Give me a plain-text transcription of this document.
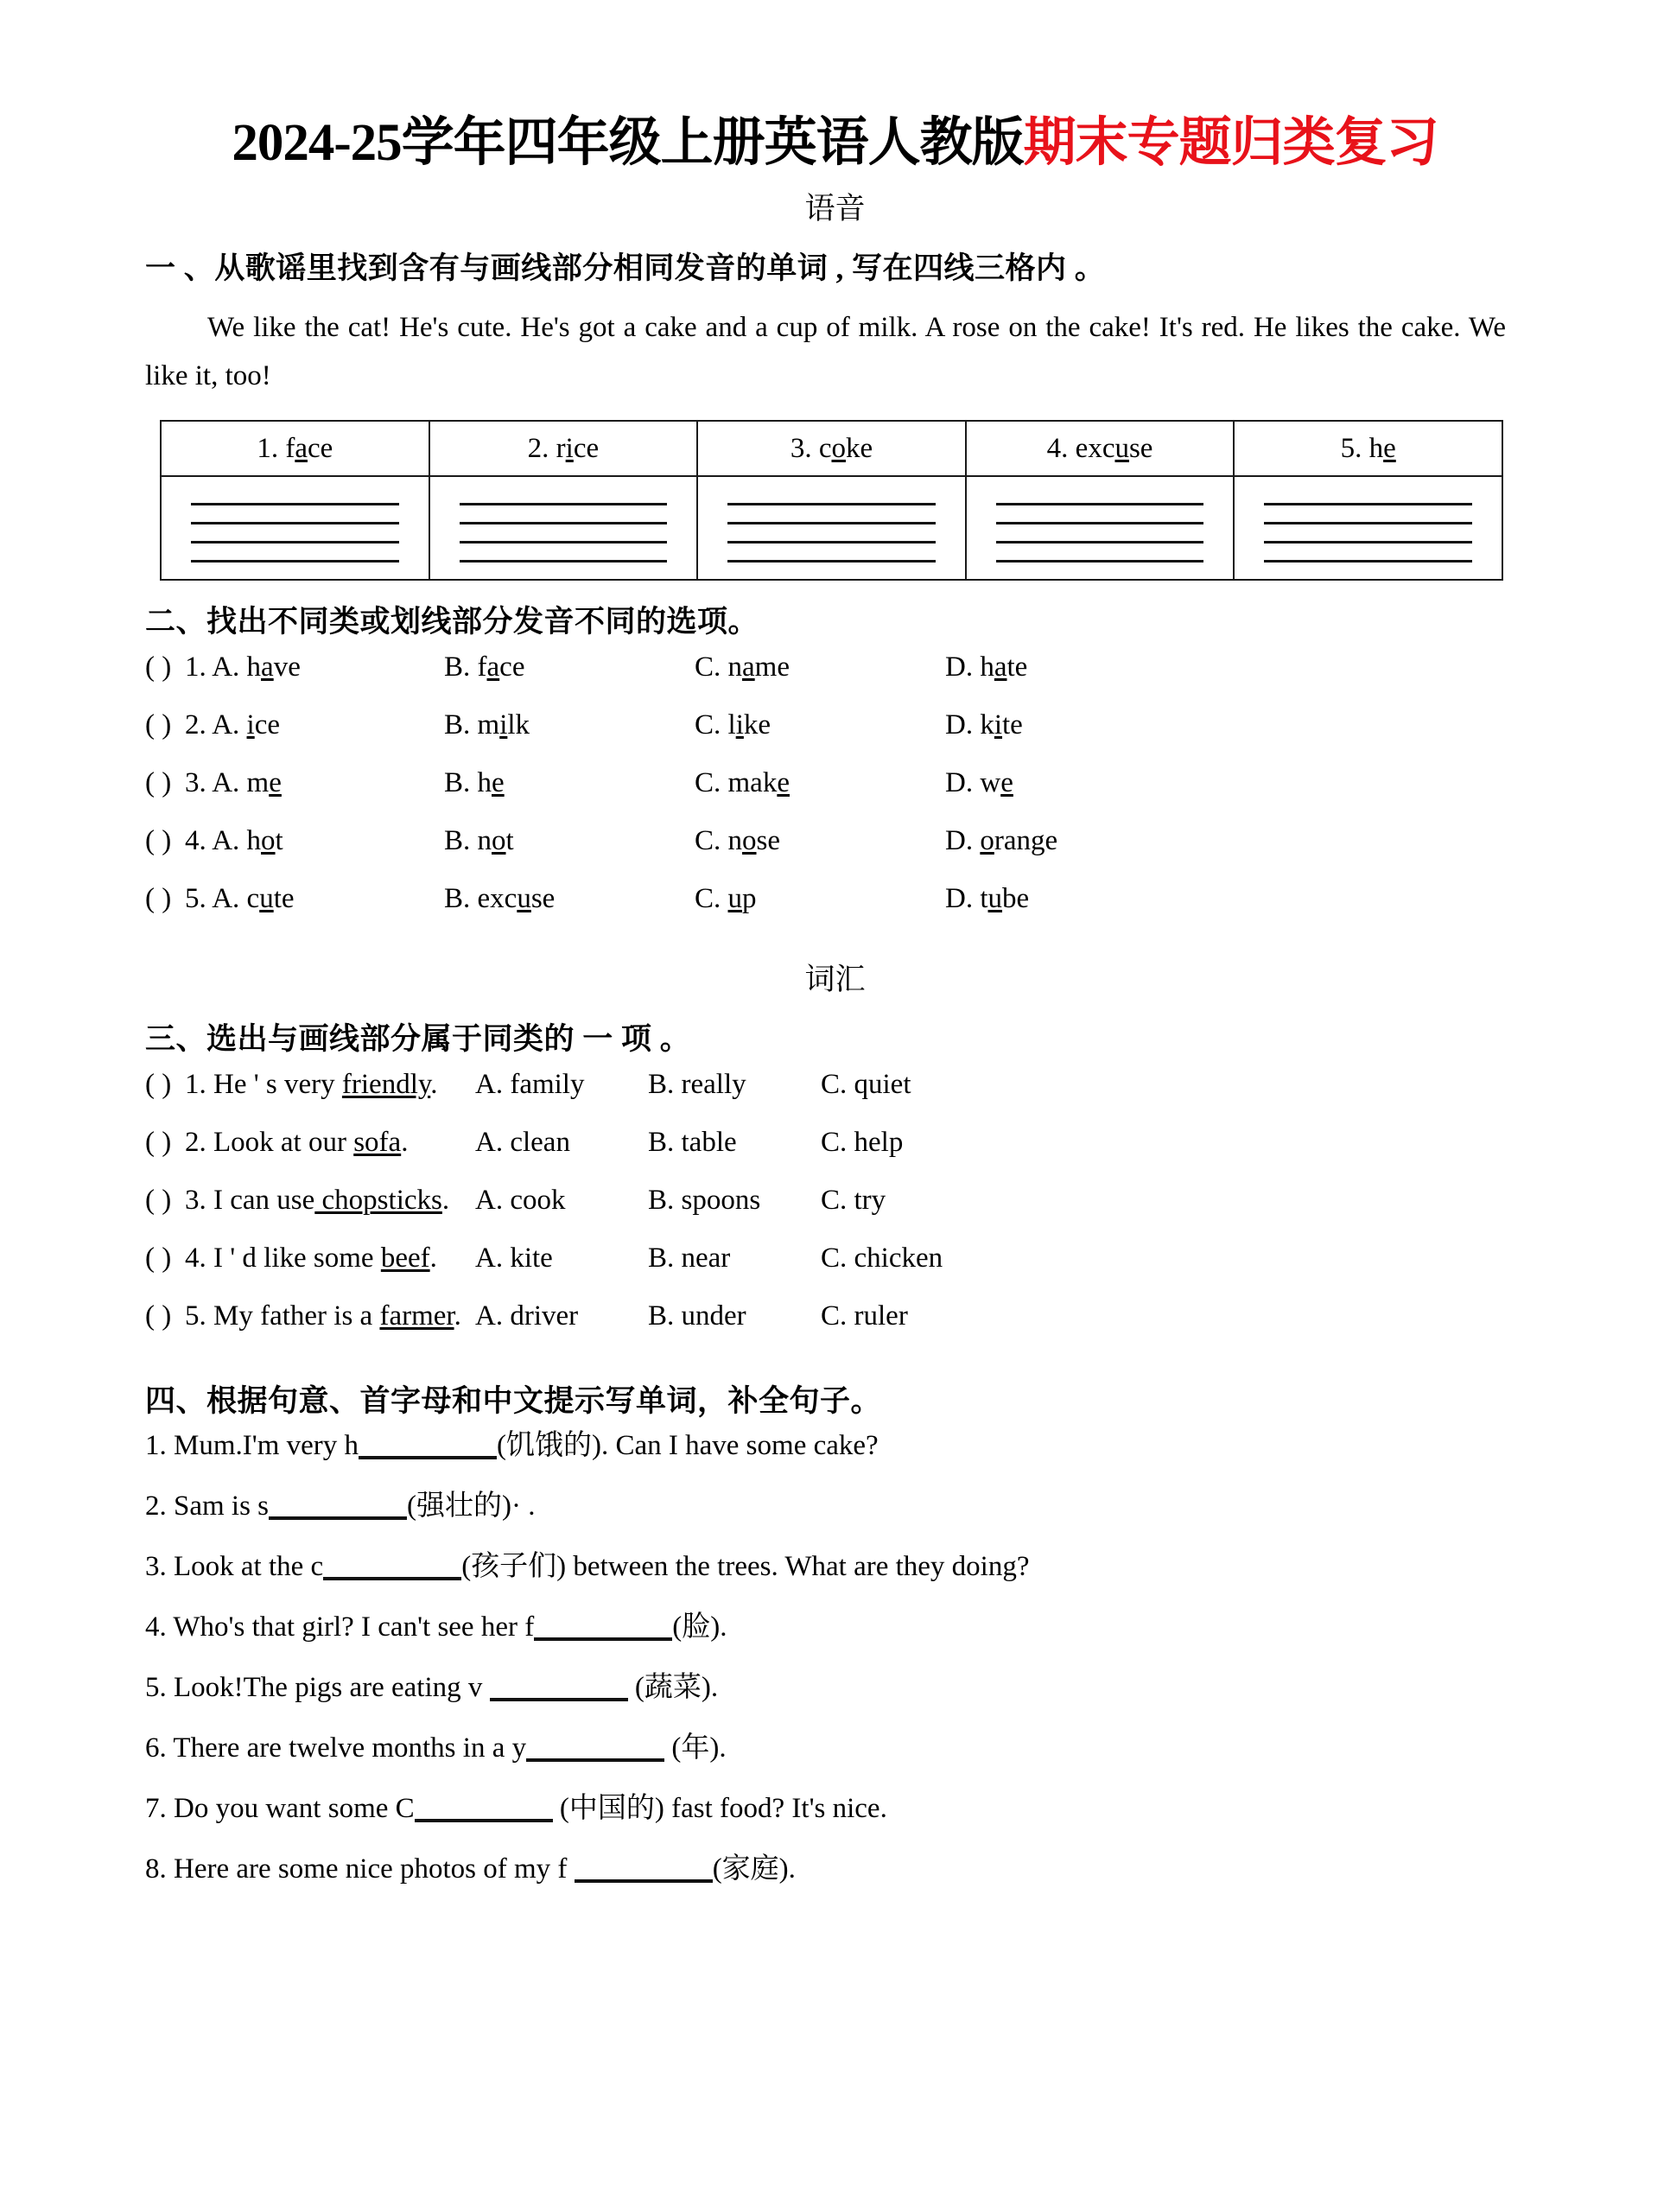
2024-25学年四年级上册英语人教版期末专题归类复习
语音
一 、从歌谣里找到含有与画线部分相同发音的单词 , 写在四线三格内 。

We like the cat! He's cute. He's got a cake and a cup of milk. A rose on the cake! It's red. He likes the cake. We like it, too!

1. face	2. rice	3. coke	4. excuse	5. he

二、找出不同类或划线部分发音不同的选项。
( ) 1. A. have	B. face	C. name	D. hate
( ) 2. A. ice	B. milk	C. like	D. kite
( ) 3. A. me	B. he	C. make	D. we
( ) 4. A. hot	B. not	C. nose	D. orange
( ) 5. A. cute	B. excuse	C. up	D. tube
词汇
三、选出与画线部分属于同类的 一 项 。
( ) 1. He ' s very friendly.	A. family	B. really	C. quiet
( ) 2. Look at our sofa.	A. clean	B. table	C. help
( ) 3. I can use chopsticks. A. cook	B. spoons	C. try
( ) 4. I ' d like some beef.	A. kite	B. near	C. chicken
( ) 5. My father is a farmer. A. driver	B. under	C. ruler
四、根据句意、首字母和中文提示写单词，补全句子。
1. Mum.I'm very h	(饥饿的). Can I have some cake?
2. Sam is s	(强壮的)· .
3. Look at the c	(孩子们) between the trees. What are they doing?
4. Who's that girl? I can't see her f	(脸).
5. Look!The pigs are eating v	(蔬菜).
6. There are twelve months in a y	(年).
7. Do you want some C	(中国的) fast food? It's nice.
8. Here are some nice photos of my f	(家庭).
